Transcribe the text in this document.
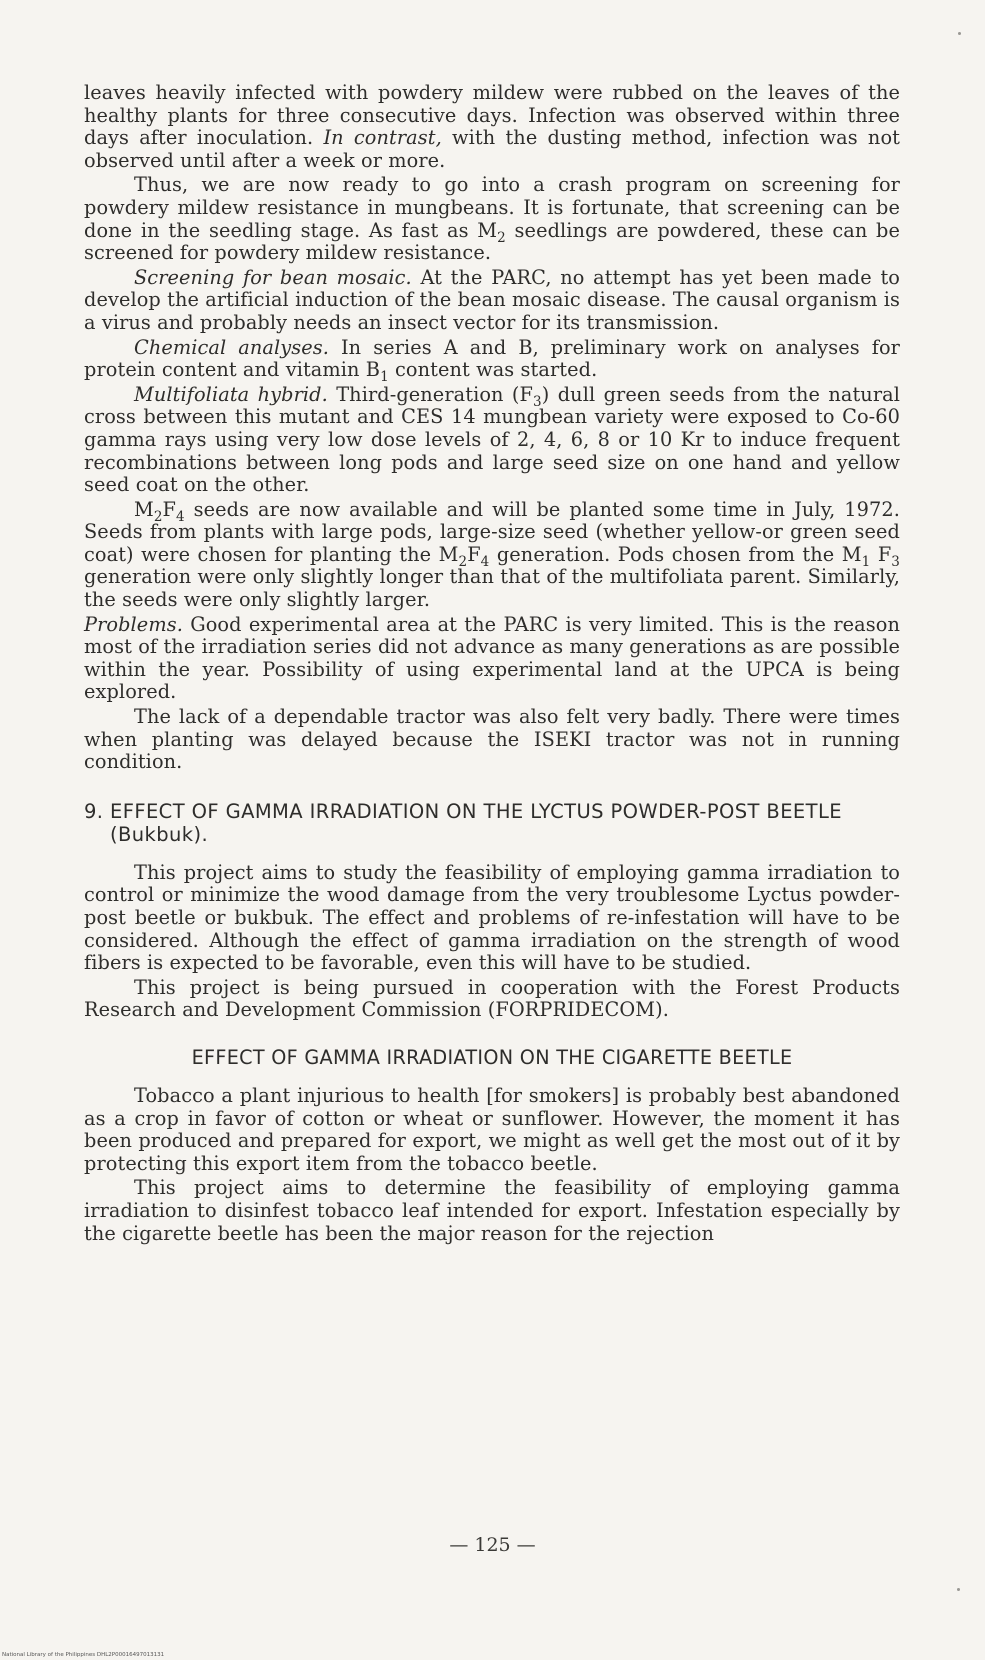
leaves heavily infected with powdery mildew were rubbed on the leaves of the healthy plants for three consecutive days. Infection was observed within three days after inoculation. In contrast, with the dusting method, infection was not observed until after a week or more.

Thus, we are now ready to go into a crash program on screening for powdery mildew resistance in mungbeans. It is fortunate, that screening can be done in the seedling stage. As fast as $M_2$ seedlings are powdered, these can be screened for powdery mildew resistance.

Screening for bean mosaic. At the PARC, no attempt has yet been made to develop the artificial induction of the bean mosaic disease. The causal organism is a virus and probably needs an insect vector for its transmission.

Chemical analyses. In series A and B, preliminary work on analyses for protein content and vitamin $B_1$ content was started.

Multifoliata hybrid. Third-generation $(F_3)$ dull green seeds from the natural cross between this mutant and CES 14 mungbean variety were exposed to Co-60 gamma rays using very low dose levels of 2, 4, 6, 8 or 10 Kr to induce frequent recombinations between long pods and large seed size on one hand and yellow seed coat on the other.

$M_2F_4$ seeds are now available and will be planted some time in July, 1972. Seeds from plants with large pods, large-size seed (whether yellow-or green seed coat) were chosen for planting the $M_2F_4$ generation. Pods chosen from the $M_1$ $F_3$ generation were only slightly longer than that of the multifoliata parent. Similarly, the seeds were only slightly larger.

Problems. Good experimental area at the PARC is very limited. This is the reason most of the irradiation series did not advance as many generations as are possible within the year. Possibility of using experimental land at the UPCA is being explored.

The lack of a dependable tractor was also felt very badly. There were times when planting was delayed because the ISEKI tractor was not in running condition.

9. EFFECT OF GAMMA IRRADIATION ON THE LYCTUS POWDER-POST BEETLE (Bukbuk).

This project aims to study the feasibility of employing gamma irradiation to control or minimize the wood damage from the very troublesome Lyctus powder-post beetle or bukbuk. The effect and problems of re-infestation will have to be considered. Although the effect of gamma irradiation on the strength of wood fibers is expected to be favorable, even this will have to be studied.

This project is being pursued in cooperation with the Forest Products Research and Development Commission (FORPRIDECOM).

EFFECT OF GAMMA IRRADIATION ON THE CIGARETTE BEETLE

Tobacco a plant injurious to health [for smokers] is probably best abandoned as a crop in favor of cotton or wheat or sunflower. However, the moment it has been produced and prepared for export, we might as well get the most out of it by protecting this export item from the tobacco beetle.

This project aims to determine the feasibility of employing gamma irradiation to disinfest tobacco leaf intended for export. Infestation especially by the cigarette beetle has been the major reason for the rejection

— 125 —
National Library of the Philippines DHL2P00016497013131
